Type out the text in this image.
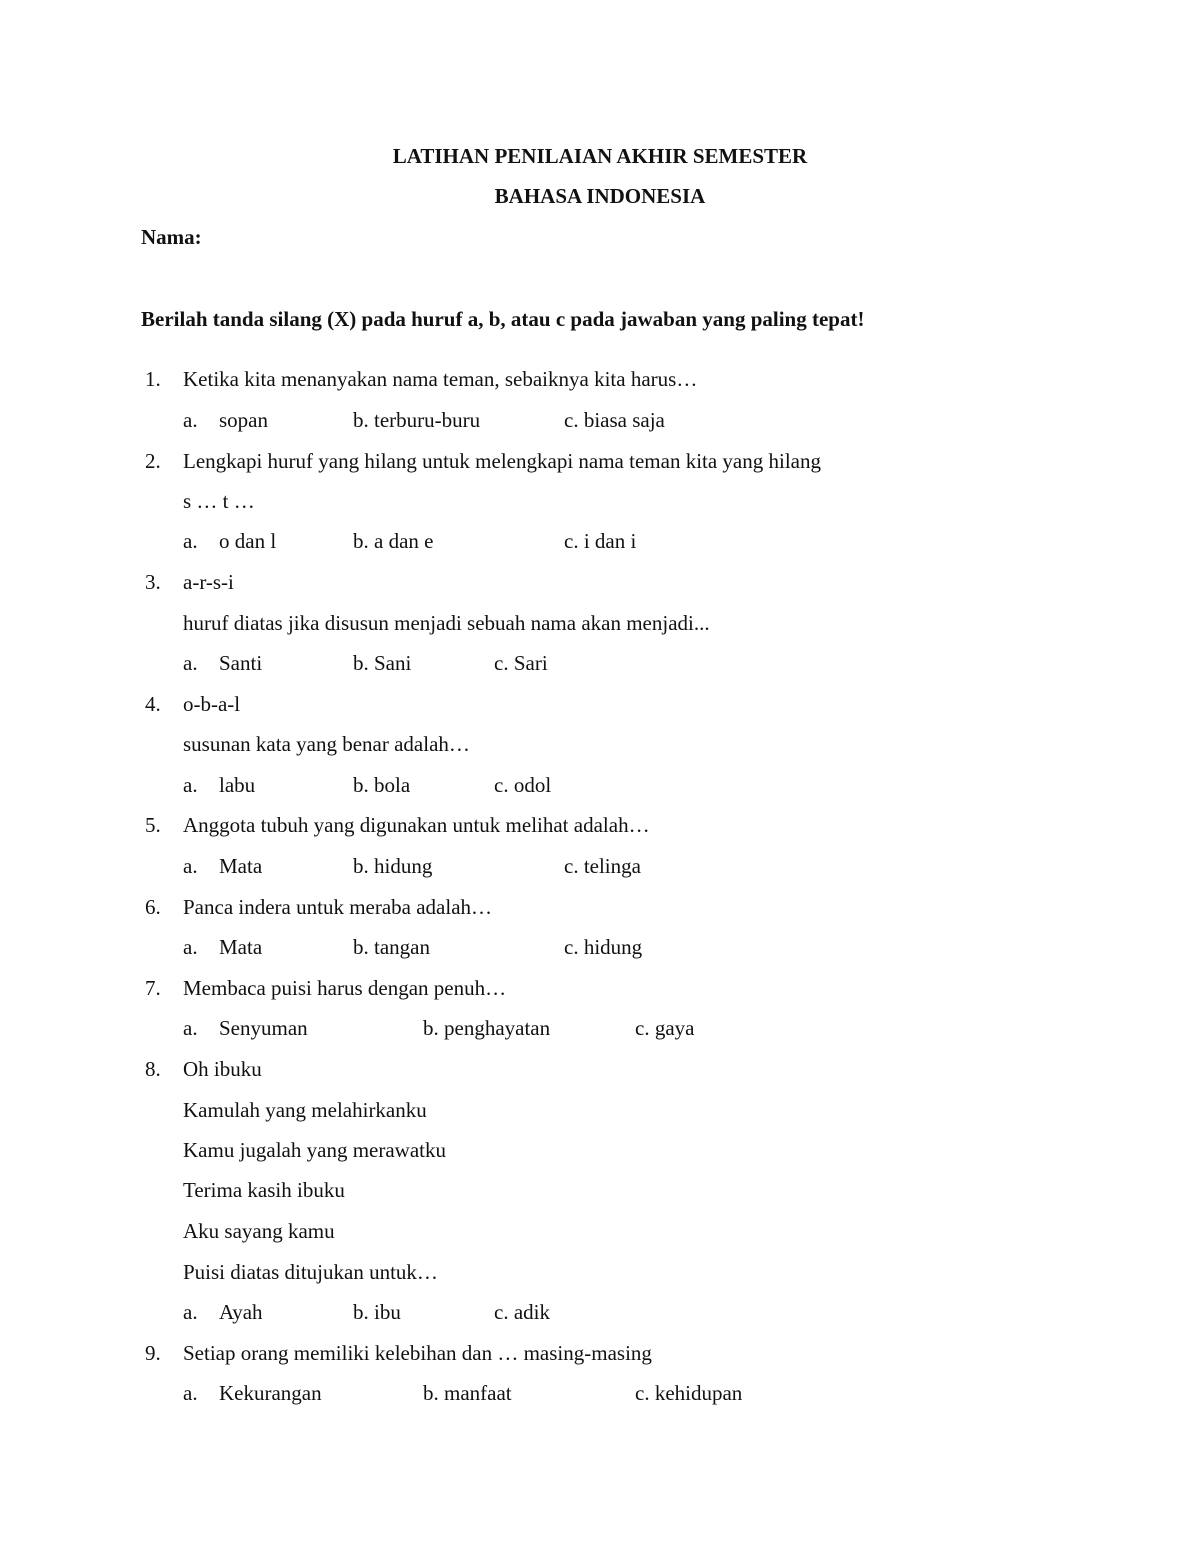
LATIHAN PENILAIAN AKHIR SEMESTER
BAHASA INDONESIA
Nama:
Berilah tanda silang (X) pada huruf a, b, atau c pada jawaban yang paling tepat!
1. Ketika kita menanyakan nama teman, sebaiknya kita harus…
a. sopan	b. terburu-buru	c. biasa saja
2. Lengkapi huruf yang hilang untuk melengkapi nama teman kita yang hilang
s … t …
a. o dan l	b. a dan e	c. i dan i
3. a-r-s-i
huruf diatas jika disusun menjadi sebuah nama akan menjadi...
a. Santi	b. Sani	c. Sari
4. o-b-a-l
susunan kata yang benar adalah…
a. labu	b. bola	c. odol
5. Anggota tubuh yang digunakan untuk melihat adalah…
a. Mata	b. hidung	c. telinga
6. Panca indera untuk meraba adalah…
a. Mata	b. tangan	c. hidung
7. Membaca puisi harus dengan penuh…
a. Senyuman	b. penghayatan	c. gaya
8. Oh ibuku
Kamulah yang melahirkanku
Kamu jugalah yang merawatku
Terima kasih ibuku
Aku sayang kamu
Puisi diatas ditujukan untuk…
a. Ayah	b. ibu	c. adik
9. Setiap orang memiliki kelebihan dan … masing-masing
a. Kekurangan	b. manfaat	c. kehidupan
